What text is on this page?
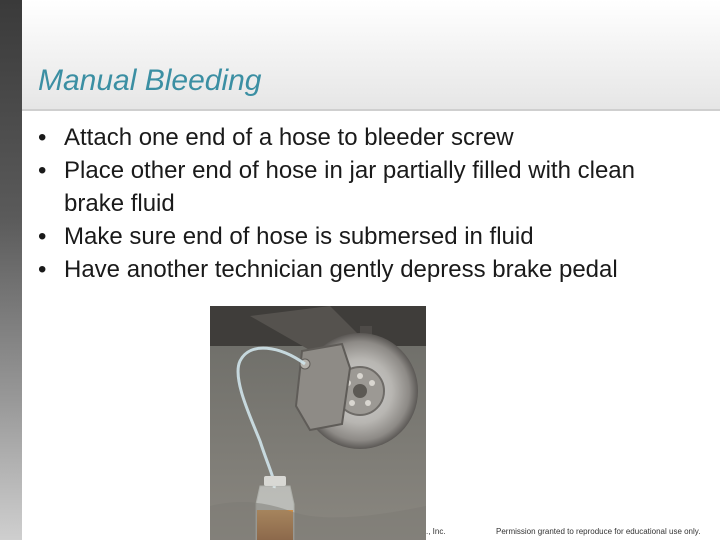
Manual Bleeding
• Attach one end of a hose to bleeder screw
• Place other end of hose in jar partially filled with clean brake fluid
• Make sure end of hose is submersed in fluid
• Have another technician gently depress brake pedal
., Inc.	Permission granted to reproduce for educational use only.
